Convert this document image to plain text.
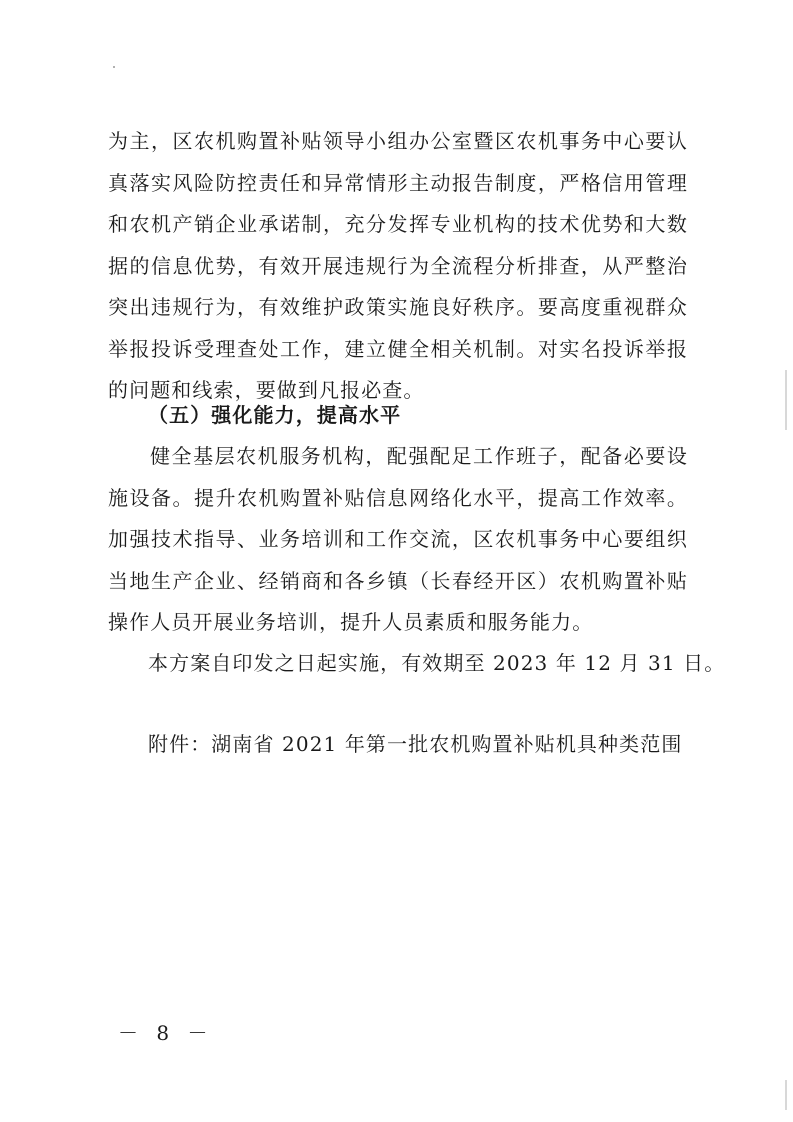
为主，区农机购置补贴领导小组办公室暨区农机事务中心要认真落实风险防控责任和异常情形主动报告制度，严格信用管理和农机产销企业承诺制，充分发挥专业机构的技术优势和大数据的信息优势，有效开展违规行为全流程分析排查，从严整治突出违规行为，有效维护政策实施良好秩序。要高度重视群众举报投诉受理查处工作，建立健全相关机制。对实名投诉举报的问题和线索，要做到凡报必查。

（五）强化能力，提高水平

健全基层农机服务机构，配强配足工作班子，配备必要设施设备。提升农机购置补贴信息网络化水平，提高工作效率。加强技术指导、业务培训和工作交流，区农机事务中心要组织当地生产企业、经销商和各乡镇（长春经开区）农机购置补贴操作人员开展业务培训，提升人员素质和服务能力。

本方案自印发之日起实施，有效期至 2023 年 12 月 31 日。

附件：湖南省 2021 年第一批农机购置补贴机具种类范围

－ 8 －
